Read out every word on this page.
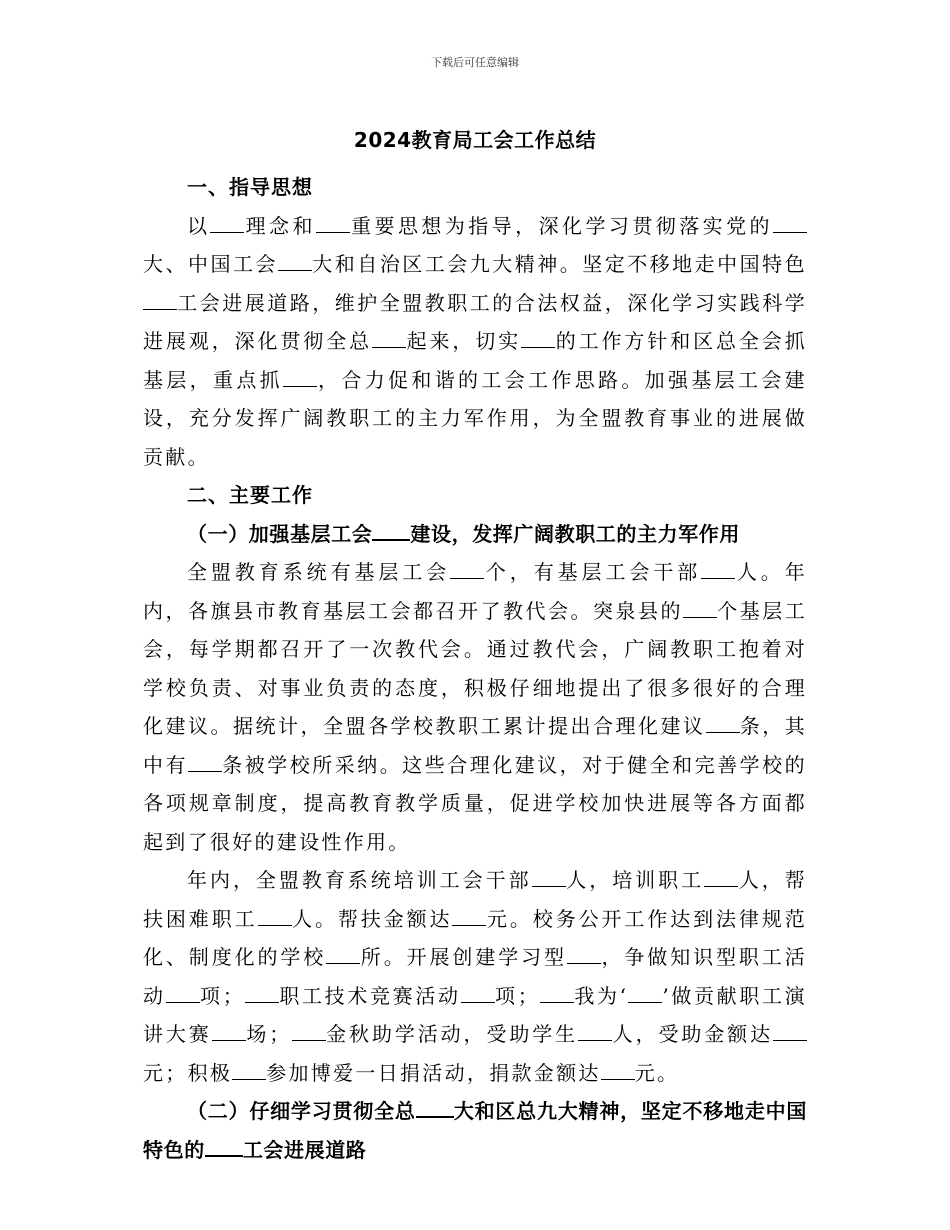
下载后可任意编辑
2024教育局工会工作总结

一、指导思想

以 理念和 重要思想为指导，深化学习贯彻落实党的大、中国工会 大和自治区工会九大精神。坚定不移地走中国特色工会进展道路，维护全盟教职工的合法权益，深化学习实践科学进展观，深化贯彻全总 起来，切实 的工作方针和区总全会抓基层，重点抓 ，合力促和谐的工会工作思路。加强基层工会建设，充分发挥广阔教职工的主力军作用，为全盟教育事业的进展做贡献。

二、主要工作

（一）加强基层工会 建设，发挥广阔教职工的主力军作用

全盟教育系统有基层工会 个，有基层工会干部 人。年内，各旗县市教育基层工会都召开了教代会。突泉县的 个基层工会，每学期都召开了一次教代会。通过教代会，广阔教职工抱着对学校负责、对事业负责的态度，积极仔细地提出了很多很好的合理化建议。据统计，全盟各学校教职工累计提出合理化建议 条，其中有 条被学校所采纳。这些合理化建议，对于健全和完善学校的各项规章制度，提高教育教学质量，促进学校加快进展等各方面都起到了很好的建设性作用。

年内，全盟教育系统培训工会干部 人，培训职工 人，帮扶困难职工 人。帮扶金额达 元。校务公开工作达到法律规范化、制度化的学校 所。开展创建学习型 ，争做知识型职工活动 项； 职工技术竞赛活动 项； 我为‘ ’做贡献职工演讲大赛 场； 金秋助学活动，受助学生 人，受助金额达元；积极 参加博爱一日捐活动，捐款金额达 元。

（二）仔细学习贯彻全总 大和区总九大精神，坚定不移地走中国特色的 工会进展道路
